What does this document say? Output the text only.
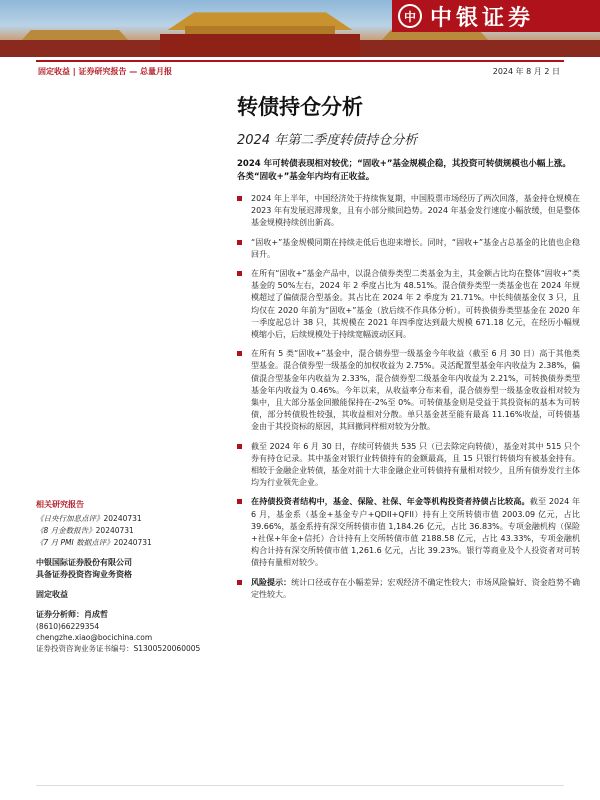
中 中银证券
固定收益 | 证券研究报告 — 总量月报	2024 年 8 月 2 日
转债持仓分析
2024 年第二季度转债持仓分析
2024 年可转债表现相对较优；“固收+”基金规模企稳，其投资可转债规模也小幅上涨。各类“固收+”基金年内均有正收益。
2024 年上半年，中国经济处于持续恢复期，中国股票市场经历了两次回落，基金持仓规模在 2023 年有发展迟滞现象，且有小部分赎回趋势。2024 年基金发行速度小幅放缓，但是整体基金规模持续创出新高。
“固收+”基金规模同期在持续走低后也迎来增长。同时，“固收+”基金占总基金的比值也企稳回升。
在所有“固收+”基金产品中，以混合债券类型二类基金为主，其金额占比均在整体“固收+”类基金的 50%左右，2024 年 2 季度占比为 48.51%。混合债券类型一类基金也在 2024 年规模超过了偏债混合型基金。其占比在 2024 年 2 季度为 21.71%。中长纯债基金仅 3 只，且均仅在 2020 年前为“固收+”基金（放后续不作具体分析）。可转换债券类型基金在 2020 年一季度起总计 38 只，其规模在 2021 年四季度达到最大规模 671.18 亿元，在经历小幅规模缩小后，后续规模处于持续宽幅波动区间。
在所有 5 类“固收+”基金中，混合债券型一级基金今年收益（截至 6 月 30 日）高于其他类型基金。混合债券型一级基金的加权收益为 2.75%。灵活配置型基金年内收益为 2.38%，偏债混合型基金年内收益为 2.33%，混合债券型二级基金年内收益为 2.21%，可转换债券类型基金年内收益为 0.46%。今年以来，从收益率分布来看，混合债券型一级基金收益相对较为集中，且大部分基金回撤能保持在-2%至 0%。可转债基金则是受益于其投资标的基本为可转债，部分转债股性较强，其收益相对分散。单只基金甚至能有最高 11.16%收益，可转债基金由于其投资标的原因，其回撤同样相对较为分散。
截至 2024 年 6 月 30 日，存续可转债共 535 只（已去除定向转债），基金对其中 515 只个券有持仓记录。其中基金对银行业转债持有的金额最高，且 15 只银行转债均有被基金持有。相较于金融企业转债，基金对前十大非金融企业可转债持有量相对较少，且所有债券发行主体均为行业领先企业。
在持债投资者结构中，基金、保险、社保、年金等机构投资者持债占比较高。截至 2024 年 6 月，基金系（基金+基金专户+QDII+QFII）持有上交所转债市值 2003.09 亿元，占比 39.66%，基金系持有深交所转债市值 1,184.26 亿元，占比 36.83%。专项金融机构（保险+社保+年金+信托）合计持有上交所转债市值 2188.58 亿元，占比 43.33%，专项金融机构合计持有深交所转债市值 1,261.6 亿元，占比 39.23%。银行等商业及个人投资者对可转债持有量相对较少。
风险提示：统计口径或存在小幅差异；宏观经济不确定性较大；市场风险偏好、资金趋势不确定性较大。
相关研究报告
《日央行加息点评》20240731
《8 月金数报告》20240731
《7 月 PMI 数据点评》20240731
中银国际证券股份有限公司
具备证券投资咨询业务资格
固定收益
证券分析师：肖成哲
(8610)66229354
chengzhe.xiao@bocichina.com
证券投资咨询业务证书编号：S1300520060005
